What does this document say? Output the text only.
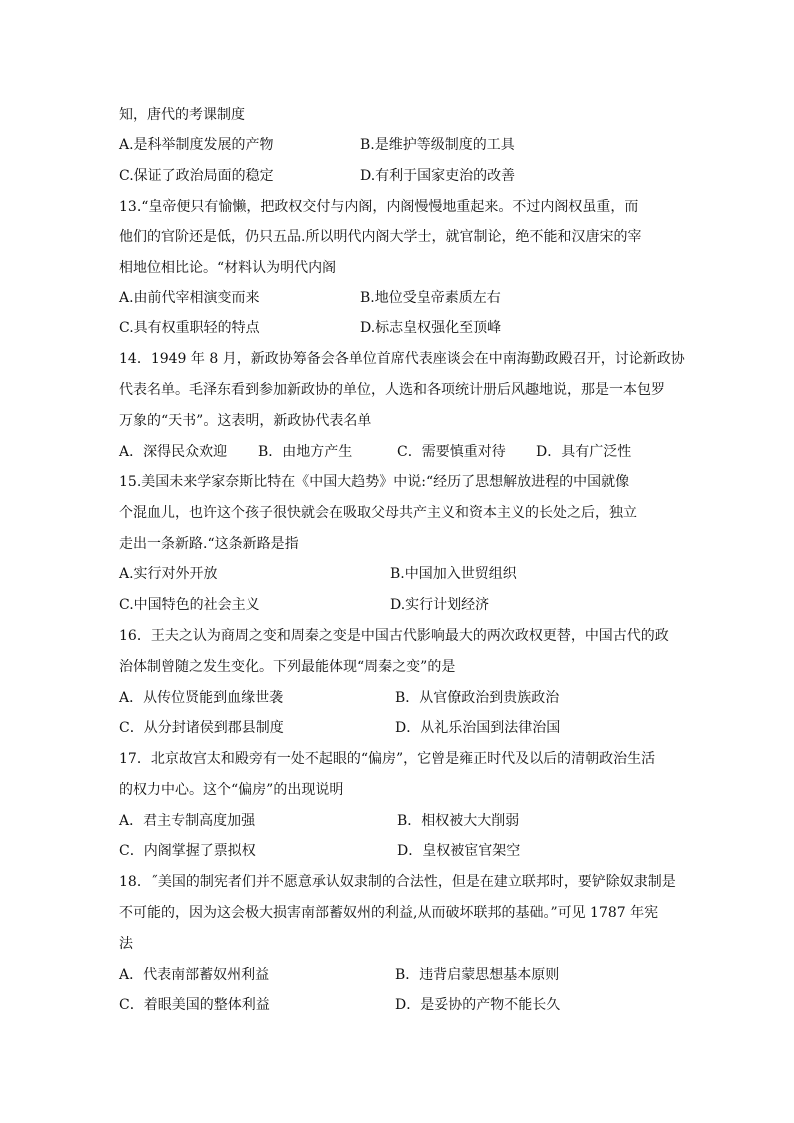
知，唐代的考课制度
A.是科举制度发展的产物	B.是维护等级制度的工具
C.保证了政治局面的稳定	D.有利于国家吏治的改善
13.“皇帝便只有愉懒，把政权交付与内阁，内阁慢慢地重起来。不过内阁权虽重，而
他们的官阶还是低，仍只五品.所以明代内阁大学士，就官制论，绝不能和汉唐宋的宰
相地位相比论。“材料认为明代内阁
A.由前代宰相演变而来	B.地位受皇帝素质左右
C.具有权重职轻的特点	D.标志皇权强化至顶峰
14．1949 年 8 月，新政协筹备会各单位首席代表座谈会在中南海勤政殿召开，讨论新政协
代表名单。毛泽东看到参加新政协的单位，人选和各项统计册后风趣地说，那是一本包罗
万象的“天书”。这表明，新政协代表名单
A．深得民众欢迎 B．由地方产生	C．需要慎重对待 D．具有广泛性
15.美国未来学家奈斯比特在《中国大趋势》中说:“经历了思想解放进程的中国就像
个混血儿，也许这个孩子很快就会在吸取父母共产主义和资本主义的长处之后，独立
走出一条新路.“这条新路是指
A.实行对外开放	B.中国加入世贸组织
C.中国特色的社会主义	D.实行计划经济
16．王夫之认为商周之变和周秦之变是中国古代影响最大的两次政权更替，中国古代的政
治体制曾随之发生变化。下列最能体现“周秦之变”的是
A．从传位贤能到血缘世袭	B．从官僚政治到贵族政治
C．从分封诸侯到郡县制度	D．从礼乐治国到法律治国
17．北京故宫太和殿旁有一处不起眼的“偏房”，它曾是雍正时代及以后的清朝政治生活
的权力中心。这个“偏房”的出现说明
A．君主专制高度加强	B．相权被大大削弱
C．内阁掌握了票拟权	D．皇权被宦官架空
18．˝美国的制宪者们并不愿意承认奴隶制的合法性，但是在建立联邦时，要铲除奴隶制是
不可能的，因为这会极大损害南部蓄奴州的利益,从而破坏联邦的基础。”可见 1787 年宪
法
A．代表南部蓄奴州利益	B．违背启蒙思想基本原则
C．着眼美国的整体利益	D．是妥协的产物不能长久
